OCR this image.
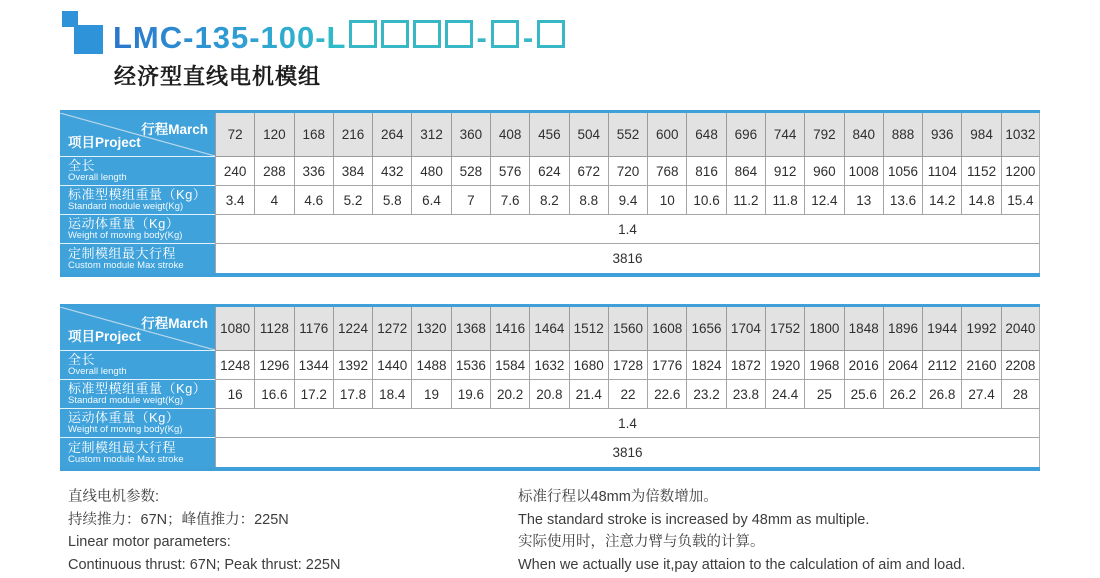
LMC-135-100-L	- -
经济型直线电机模组
行程March
项目Project
72	120	168	216	264	312	360	408	456	504	552	600	648	696	744	792	840	888	936	984 1032
全长
Overall length	240	288	336	384	432	480	528	576	624	672	720	768	816	864	912	960 1008 1056 1104 1152 1200
标准型模组重量（Kg）
Standard module weigt(Kg)	3.4	4	4.6	5.2	5.8	6.4	7	7.6	8.2	8.8	9.4	10	10.6	11.2	11.8	12.4	13	13.6 14.2 14.8 15.4
运动体重量（Kg）
Weight of moving body(Kg)	1.4
定制模组最大行程
Custom module Max stroke	3816
行程March
项目Project
1080 1128 1176 1224 1272 1320 1368 1416 1464 1512 1560 1608 1656 1704 1752 1800 1848 1896 1944 1992 2040
全长
Overall length	1248 1296 1344 1392 1440 1488 1536 1584 1632 1680 1728 1776 1824 1872 1920 1968 2016 2064 2112 2160 2208
标准型模组重量（Kg）
Standard module weigt(Kg)	16	16.6 17.2 17.8 18.4	19	19.6 20.2 20.8 21.4	22	22.6 23.2 23.8 24.4	25	25.6 26.2 26.8 27.4	28
运动体重量（Kg）
Weight of moving body(Kg)	1.4
定制模组最大行程
Custom module Max stroke	3816

直线电机参数:

持续推力：67N；峰值推力：225N

Linear motor parameters:

Continuous thrust: 67N; Peak thrust: 225N

标准行程以48mm为倍数增加。

The standard stroke is increased by 48mm as multiple.

实际使用时，注意力臂与负载的计算。

When we actually use it,pay attaion to the calculation of aim and load.
